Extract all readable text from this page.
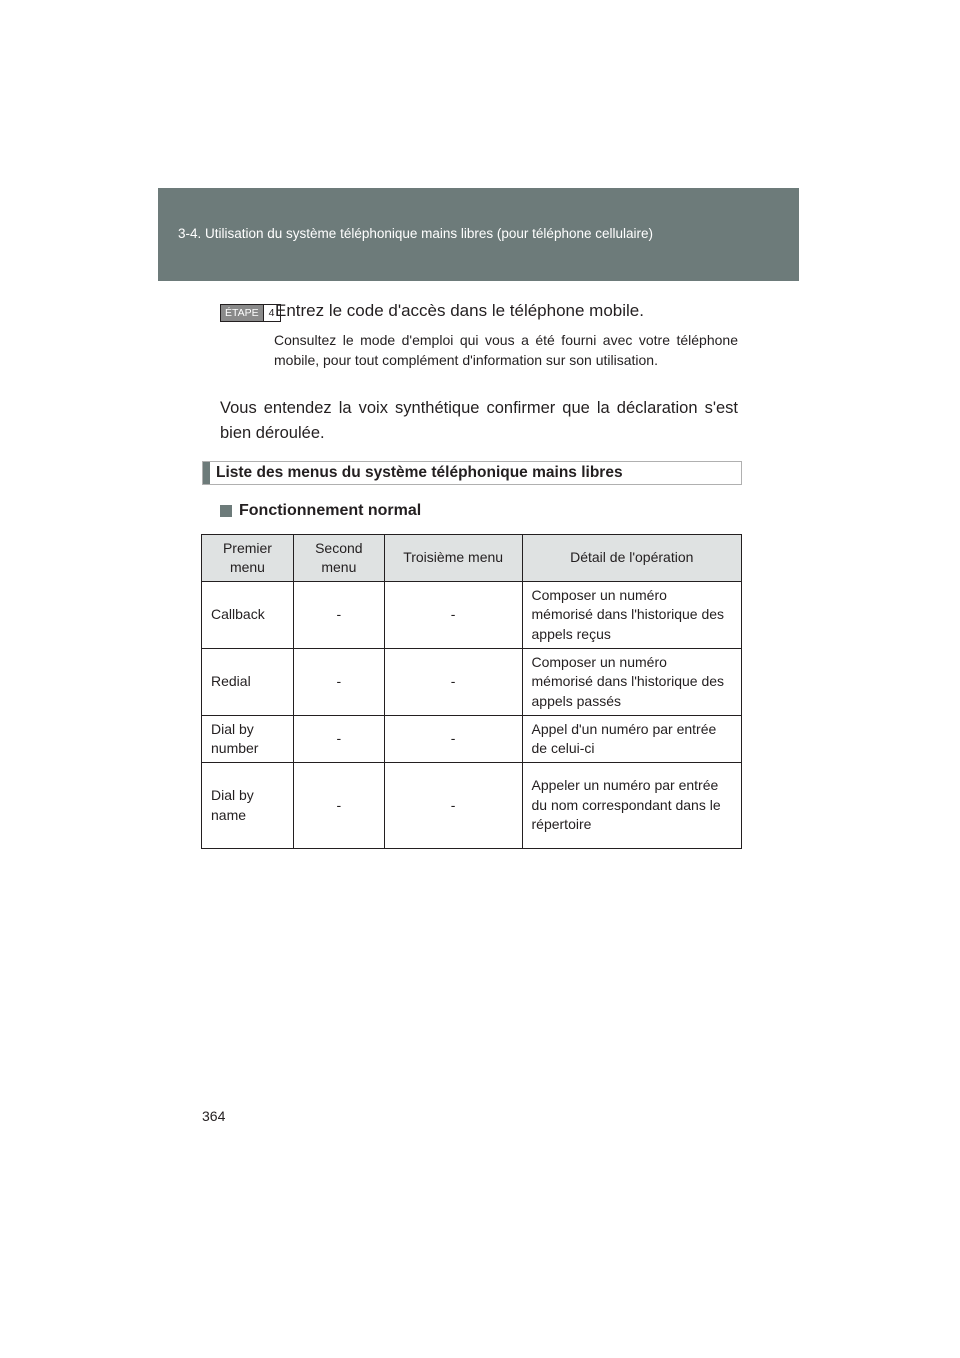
3-4. Utilisation du système téléphonique mains libres (pour téléphone cellulaire)
ÉTAPE 4 Entrez le code d'accès dans le téléphone mobile.
Consultez le mode d'emploi qui vous a été fourni avec votre téléphone mobile, pour tout complément d'information sur son utilisation.
Vous entendez la voix synthétique confirmer que la déclaration s'est bien déroulée.
Liste des menus du système téléphonique mains libres
Fonctionnement normal
Premier menu	Second menu	Troisième menu	Détail de l'opération
Callback	-	-	Composer un numéro mémorisé dans l'historique des appels reçus
Redial	-	-	Composer un numéro mémorisé dans l'historique des appels passés
Dial by number	-	-	Appel d'un numéro par entrée de celui-ci
Dial by name	-	-	Appeler un numéro par entrée du nom correspondant dans le répertoire
364
